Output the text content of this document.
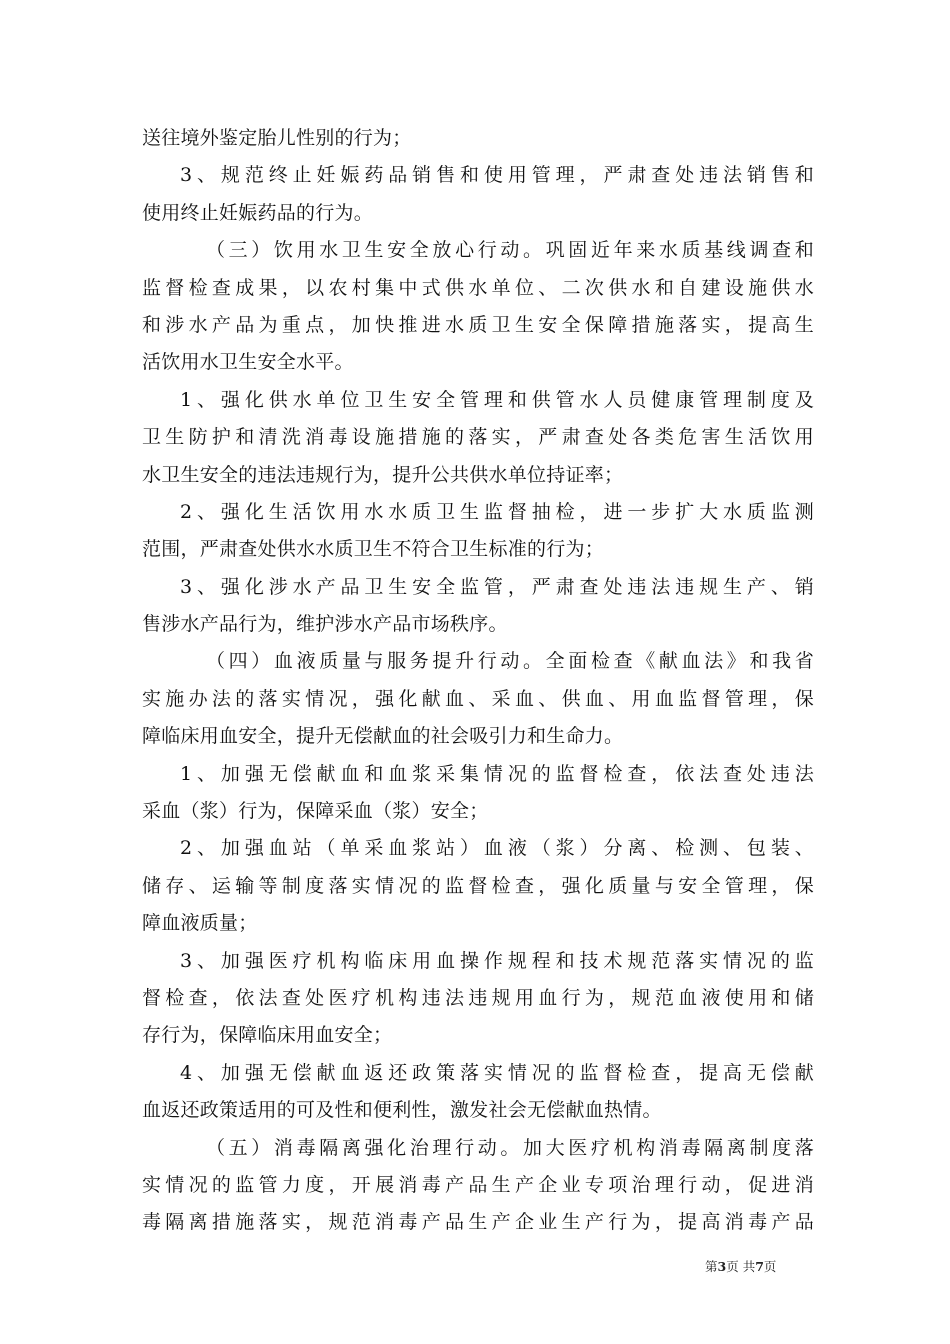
送往境外鉴定胎儿性别的行为；
3、规范终止妊娠药品销售和使用管理，严肃查处违法销售和
使用终止妊娠药品的行为。
（三）饮用水卫生安全放心行动。巩固近年来水质基线调查和
监督检查成果，以农村集中式供水单位、二次供水和自建设施供水
和涉水产品为重点，加快推进水质卫生安全保障措施落实，提高生
活饮用水卫生安全水平。
1、强化供水单位卫生安全管理和供管水人员健康管理制度及
卫生防护和清洗消毒设施措施的落实，严肃查处各类危害生活饮用
水卫生安全的违法违规行为，提升公共供水单位持证率；
2、强化生活饮用水水质卫生监督抽检，进一步扩大水质监测
范围，严肃查处供水水质卫生不符合卫生标准的行为；
3、强化涉水产品卫生安全监管，严肃查处违法违规生产、销
售涉水产品行为，维护涉水产品市场秩序。
（四）血液质量与服务提升行动。全面检查《献血法》和我省
实施办法的落实情况，强化献血、采血、供血、用血监督管理，保
障临床用血安全，提升无偿献血的社会吸引力和生命力。
1、加强无偿献血和血浆采集情况的监督检查，依法查处违法
采血（浆）行为，保障采血（浆）安全；
2、加强血站（单采血浆站）血液（浆）分离、检测、包装、
储存、运输等制度落实情况的监督检查，强化质量与安全管理，保
障血液质量；
3、加强医疗机构临床用血操作规程和技术规范落实情况的监
督检查，依法查处医疗机构违法违规用血行为，规范血液使用和储
存行为，保障临床用血安全；
4、加强无偿献血返还政策落实情况的监督检查，提高无偿献
血返还政策适用的可及性和便利性，激发社会无偿献血热情。
（五）消毒隔离强化治理行动。加大医疗机构消毒隔离制度落
实情况的监管力度，开展消毒产品生产企业专项治理行动，促进消
毒隔离措施落实，规范消毒产品生产企业生产行为，提高消毒产品
第3页 共7页
